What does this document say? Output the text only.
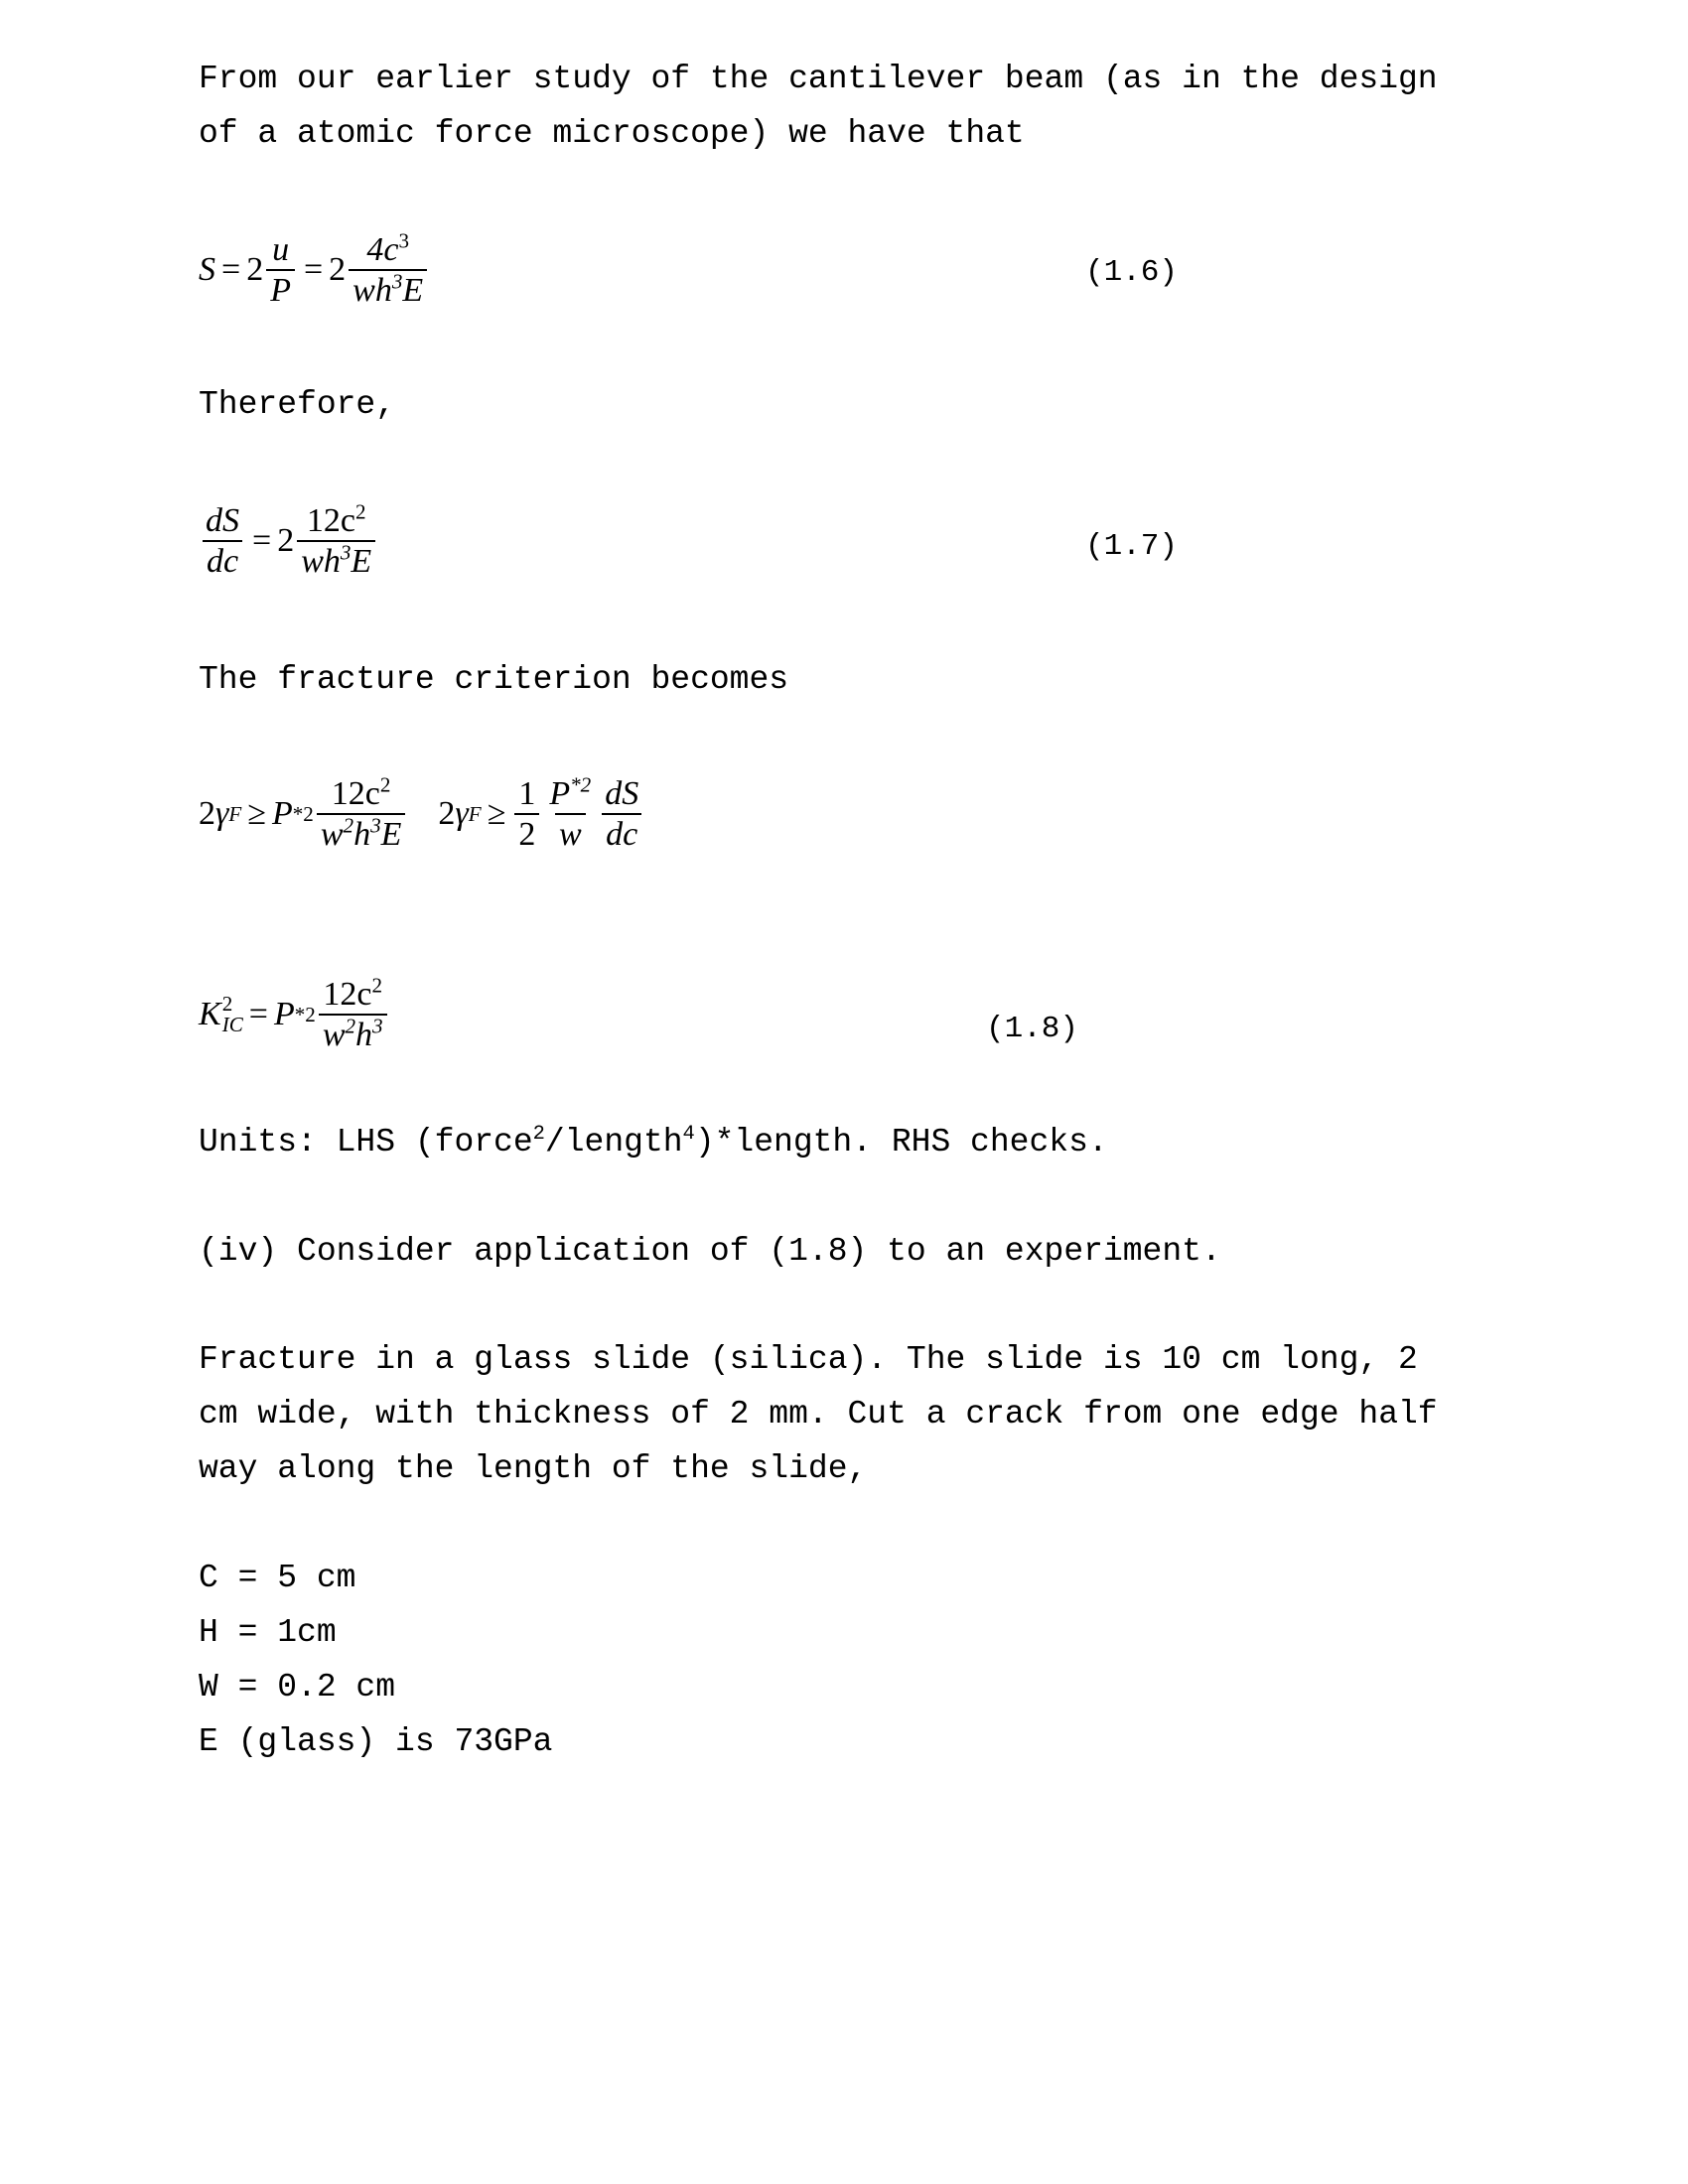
From our earlier study of the cantilever beam (as in the design
of a atomic force microscope) we have that
$S = 2 \frac{u}{P} = 2 \frac{4c^3}{wh^3E}$	(1.6)
Therefore,
$\frac{dS}{dc} = 2 \frac{12c^2}{wh^3E}$	(1.7)
The fracture criterion becomes
2 γ F ≥ P $*2 \frac{12c^2}{w^2h^3E} 2$ γ $F \ge \frac{1}{2} \frac{P^{*2}}{w} \frac{dS}{dc}$
K 2
IC = P $*2 \frac{12c^2}{w^2h^3}$	(1.8)
Units: LHS (force$^2$/length$^4$)*length. RHS checks.
(iv) Consider application of (1.8) to an experiment.
Fracture in a glass slide (silica). The slide is 10 cm long, 2
cm wide, with thickness of 2 mm. Cut a crack from one edge half
way along the length of the slide,
C = 5 cm
H = 1cm
W = 0.2 cm
E (glass) is 73GPa
